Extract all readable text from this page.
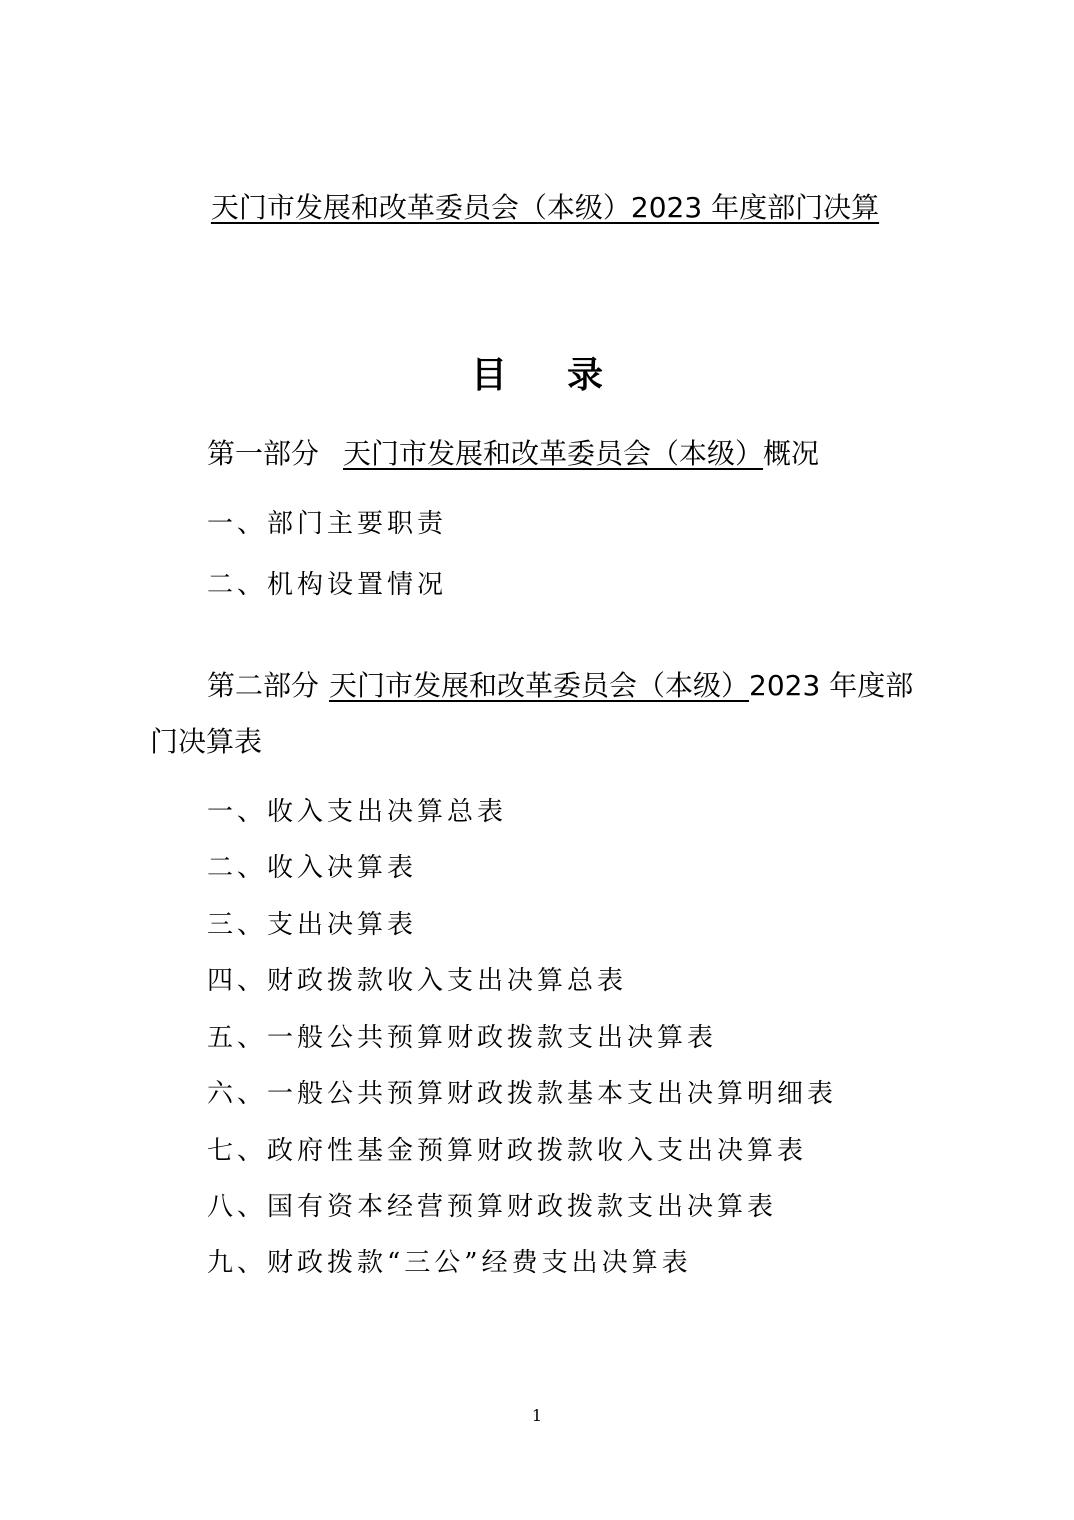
天门市发展和改革委员会（本级）2023 年度部门决算
目录
第一部分 天门市发展和改革委员会（本级）概况
一、部门主要职责
二、机构设置情况
第二部分 天门市发展和改革委员会（本级）2023 年度部门决算表
一、收入支出决算总表
二、收入决算表
三、支出决算表
四、财政拨款收入支出决算总表
五、一般公共预算财政拨款支出决算表
六、一般公共预算财政拨款基本支出决算明细表
七、政府性基金预算财政拨款收入支出决算表
八、国有资本经营预算财政拨款支出决算表
九、财政拨款“三公”经费支出决算表
1
